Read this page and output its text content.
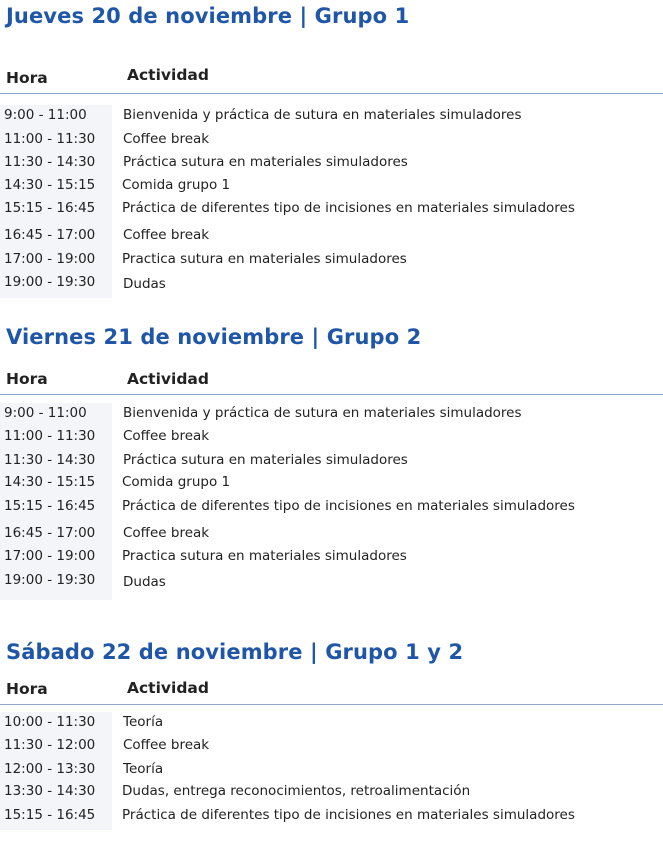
Jueves 20 de noviembre | Grupo 1
Hora	Actividad
9:00 - 11:00	Bienvenida y práctica de sutura en materiales simuladores
11:00 - 11:30 Coffee break
11:30 - 14:30 Práctica sutura en materiales simuladores
14:30 - 15:15 Comida grupo 1
15:15 - 16:45 Práctica de diferentes tipo de incisiones en materiales simuladores
16:45 - 17:00 Coffee break
17:00 - 19:00 Practica sutura en materiales simuladores
19:00 - 19:30 Dudas
Viernes 21 de noviembre | Grupo 2
Hora	Actividad
9:00 - 11:00	Bienvenida y práctica de sutura en materiales simuladores
11:00 - 11:30 Coffee break
11:30 - 14:30 Práctica sutura en materiales simuladores
14:30 - 15:15 Comida grupo 1
15:15 - 16:45 Práctica de diferentes tipo de incisiones en materiales simuladores
16:45 - 17:00 Coffee break
17:00 - 19:00 Practica sutura en materiales simuladores
19:00 - 19:30 Dudas
Sábado 22 de noviembre | Grupo 1 y 2
Hora	Actividad
10:00 - 11:30 Teoría
11:30 - 12:00 Coffee break
12:00 - 13:30 Teoría
13:30 - 14:30 Dudas, entrega reconocimientos, retroalimentación
15:15 - 16:45 Práctica de diferentes tipo de incisiones en materiales simuladores
